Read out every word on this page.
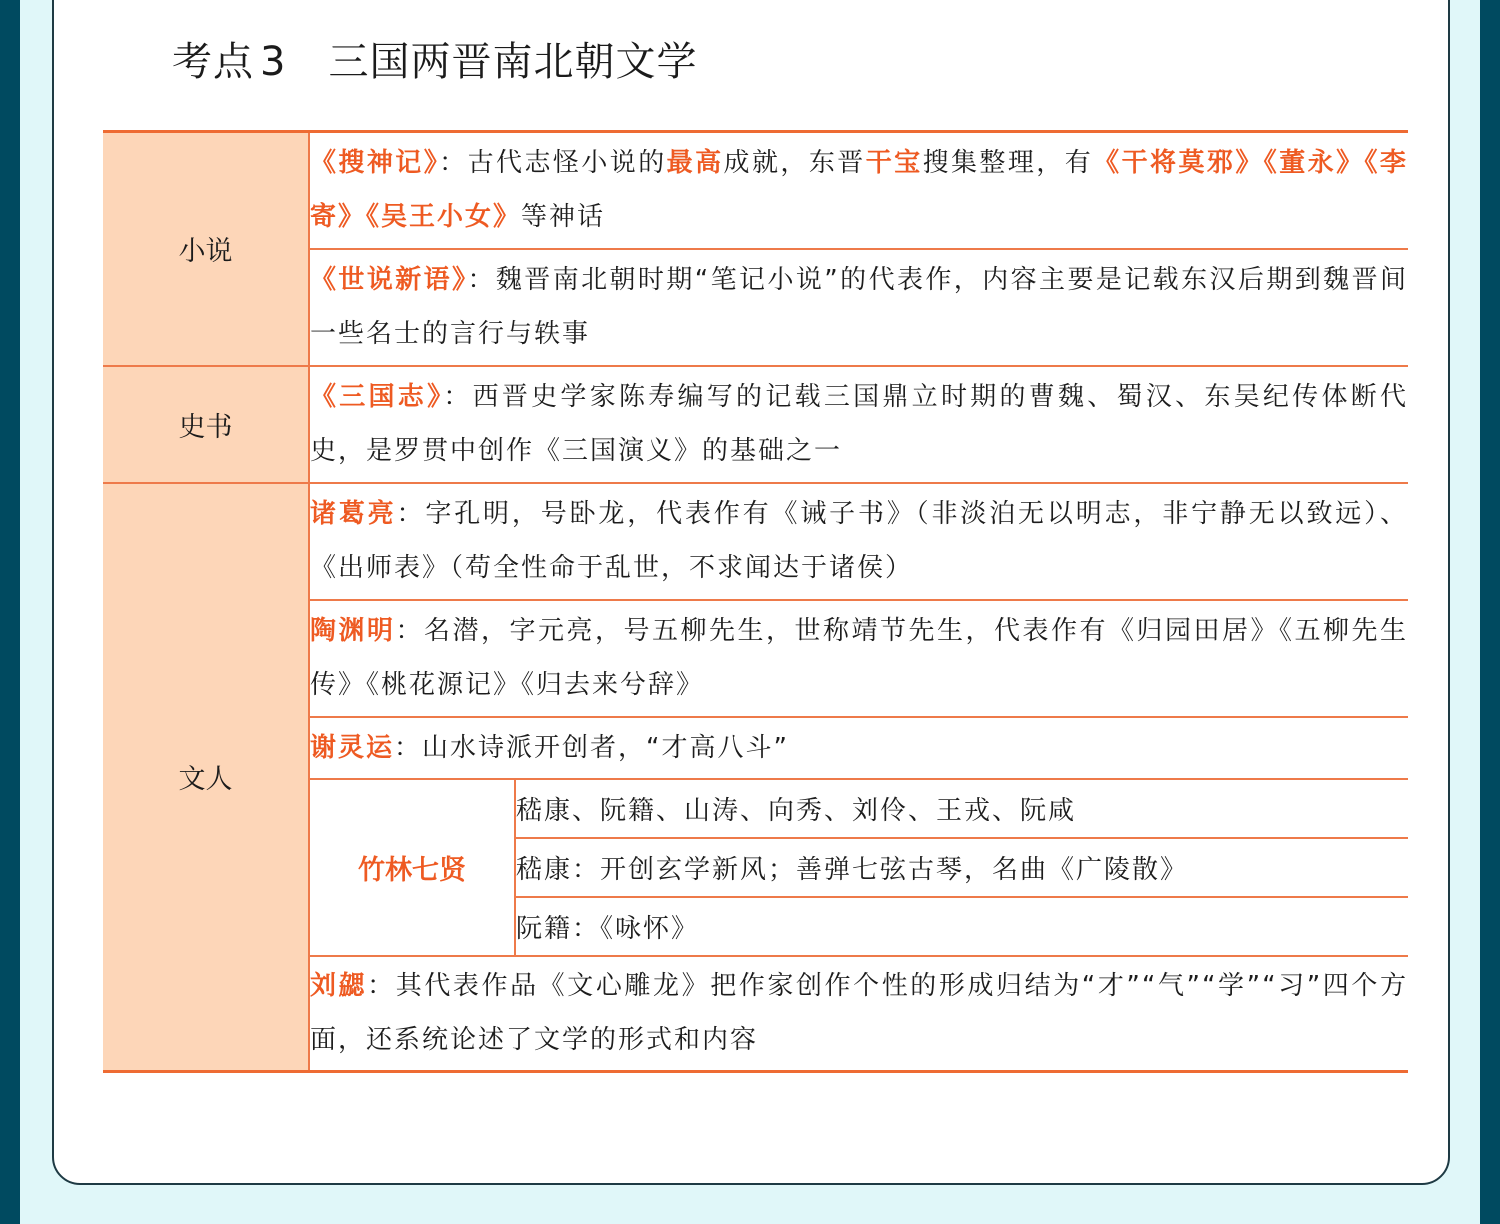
考点 3 三国两晋南北朝文学
小说	《搜神记》：古代志怪小说的最高成就，东晋干宝搜集整理，有《干将莫邪》《董永》《李寄》《吴王小女》等神话
《世说新语》：魏晋南北朝时期“笔记小说”的代表作，内容主要是记载东汉后期到魏晋间一些名士的言行与轶事
史书	《三国志》：西晋史学家陈寿编写的记载三国鼎立时期的曹魏、蜀汉、东吴纪传体断代史，是罗贯中创作《三国演义》的基础之一
文人	诸葛亮：字孔明，号卧龙，代表作有《诫子书》（非淡泊无以明志，非宁静无以致远）、《出师表》（苟全性命于乱世，不求闻达于诸侯）
陶渊明：名潜，字元亮，号五柳先生，世称靖节先生，代表作有《归园田居》《五柳先生传》《桃花源记》《归去来兮辞》
谢灵运：山水诗派开创者，“才高八斗”

竹林七贤	嵇康、阮籍、山涛、向秀、刘伶、王戎、阮咸
嵇康：开创玄学新风；善弹七弦古琴，名曲《广陵散》
阮籍：《咏怀》

刘勰：其代表作品《文心雕龙》把作家创作个性的形成归结为“才”“气”“学”“习”四个方面，还系统论述了文学的形式和内容
